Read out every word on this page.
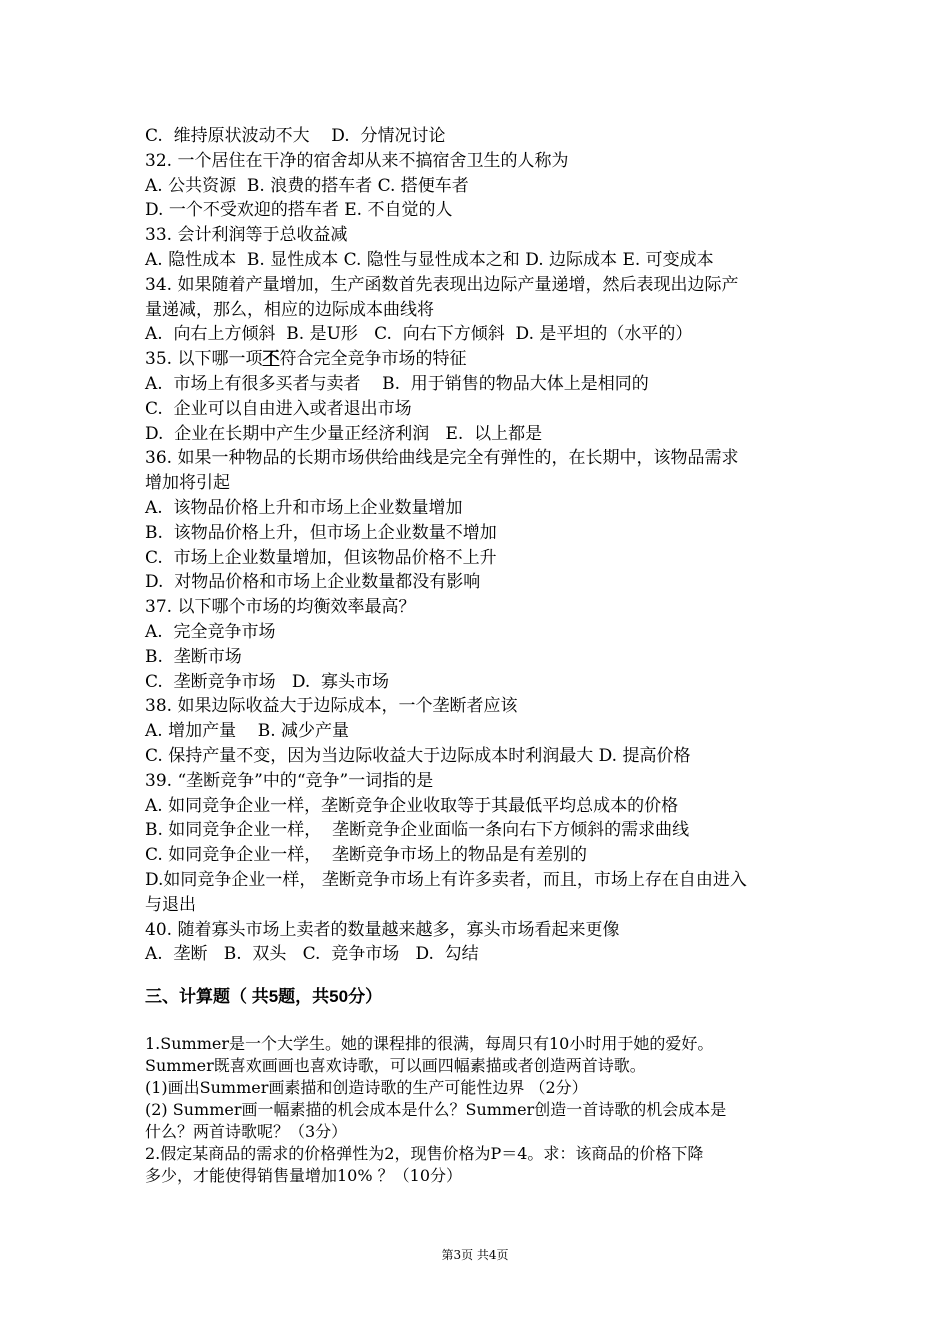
C.  维持原状波动不大    D.  分情况讨论

32. 一个居住在干净的宿舍却从来不搞宿舍卫生的人称为

A. 公共资源  B. 浪费的搭车者 C. 搭便车者

D. 一个不受欢迎的搭车者 E. 不自觉的人

33. 会计利润等于总收益减

A. 隐性成本  B. 显性成本 C. 隐性与显性成本之和 D. 边际成本 E. 可变成本

34. 如果随着产量增加，生产函数首先表现出边际产量递增，然后表现出边际产

量递减，那么，相应的边际成本曲线将

A.  向右上方倾斜  B. 是U形   C.  向右下方倾斜  D. 是平坦的（水平的）

35. 以下哪一项不符合完全竞争市场的特征

A.  市场上有很多买者与卖者    B.  用于销售的物品大体上是相同的

C.  企业可以自由进入或者退出市场

D.  企业在长期中产生少量正经济利润   E.  以上都是

36. 如果一种物品的长期市场供给曲线是完全有弹性的，在长期中，该物品需求

增加将引起

A.  该物品价格上升和市场上企业数量增加

B.  该物品价格上升，但市场上企业数量不增加

C.  市场上企业数量增加，但该物品价格不上升

D.  对物品价格和市场上企业数量都没有影响

37. 以下哪个市场的均衡效率最高？

A.  完全竞争市场

B.  垄断市场

C.  垄断竞争市场   D.  寡头市场

38. 如果边际收益大于边际成本，一个垄断者应该

A. 增加产量    B. 减少产量

C. 保持产量不变，因为当边际收益大于边际成本时利润最大 D. 提高价格

39. “垄断竞争”中的“竞争”一词指的是

A. 如同竞争企业一样，垄断竞争企业收取等于其最低平均总成本的价格

B. 如同竞争企业一样，  垄断竞争企业面临一条向右下方倾斜的需求曲线

C. 如同竞争企业一样，  垄断竞争市场上的物品是有差别的

D.如同竞争企业一样， 垄断竞争市场上有许多卖者，而且，市场上存在自由进入

与退出

40. 随着寡头市场上卖者的数量越来越多，寡头市场看起来更像

A.  垄断   B.  双头   C.  竞争市场   D.  勾结

三、计算题（ 共5题，共50分）

1.Summer是一个大学生。她的课程排的很满，每周只有10小时用于她的爱好。

Summer既喜欢画画也喜欢诗歌，可以画四幅素描或者创造两首诗歌。

(1)画出Summer画素描和创造诗歌的生产可能性边界 （2分）

(2) Summer画一幅素描的机会成本是什么？Summer创造一首诗歌的机会成本是

什么？两首诗歌呢？（3分）

2.假定某商品的需求的价格弹性为2，现售价格为P＝4。求：该商品的价格下降

多少，才能使得销售量增加10% ？（10分）

第3页 共4页
